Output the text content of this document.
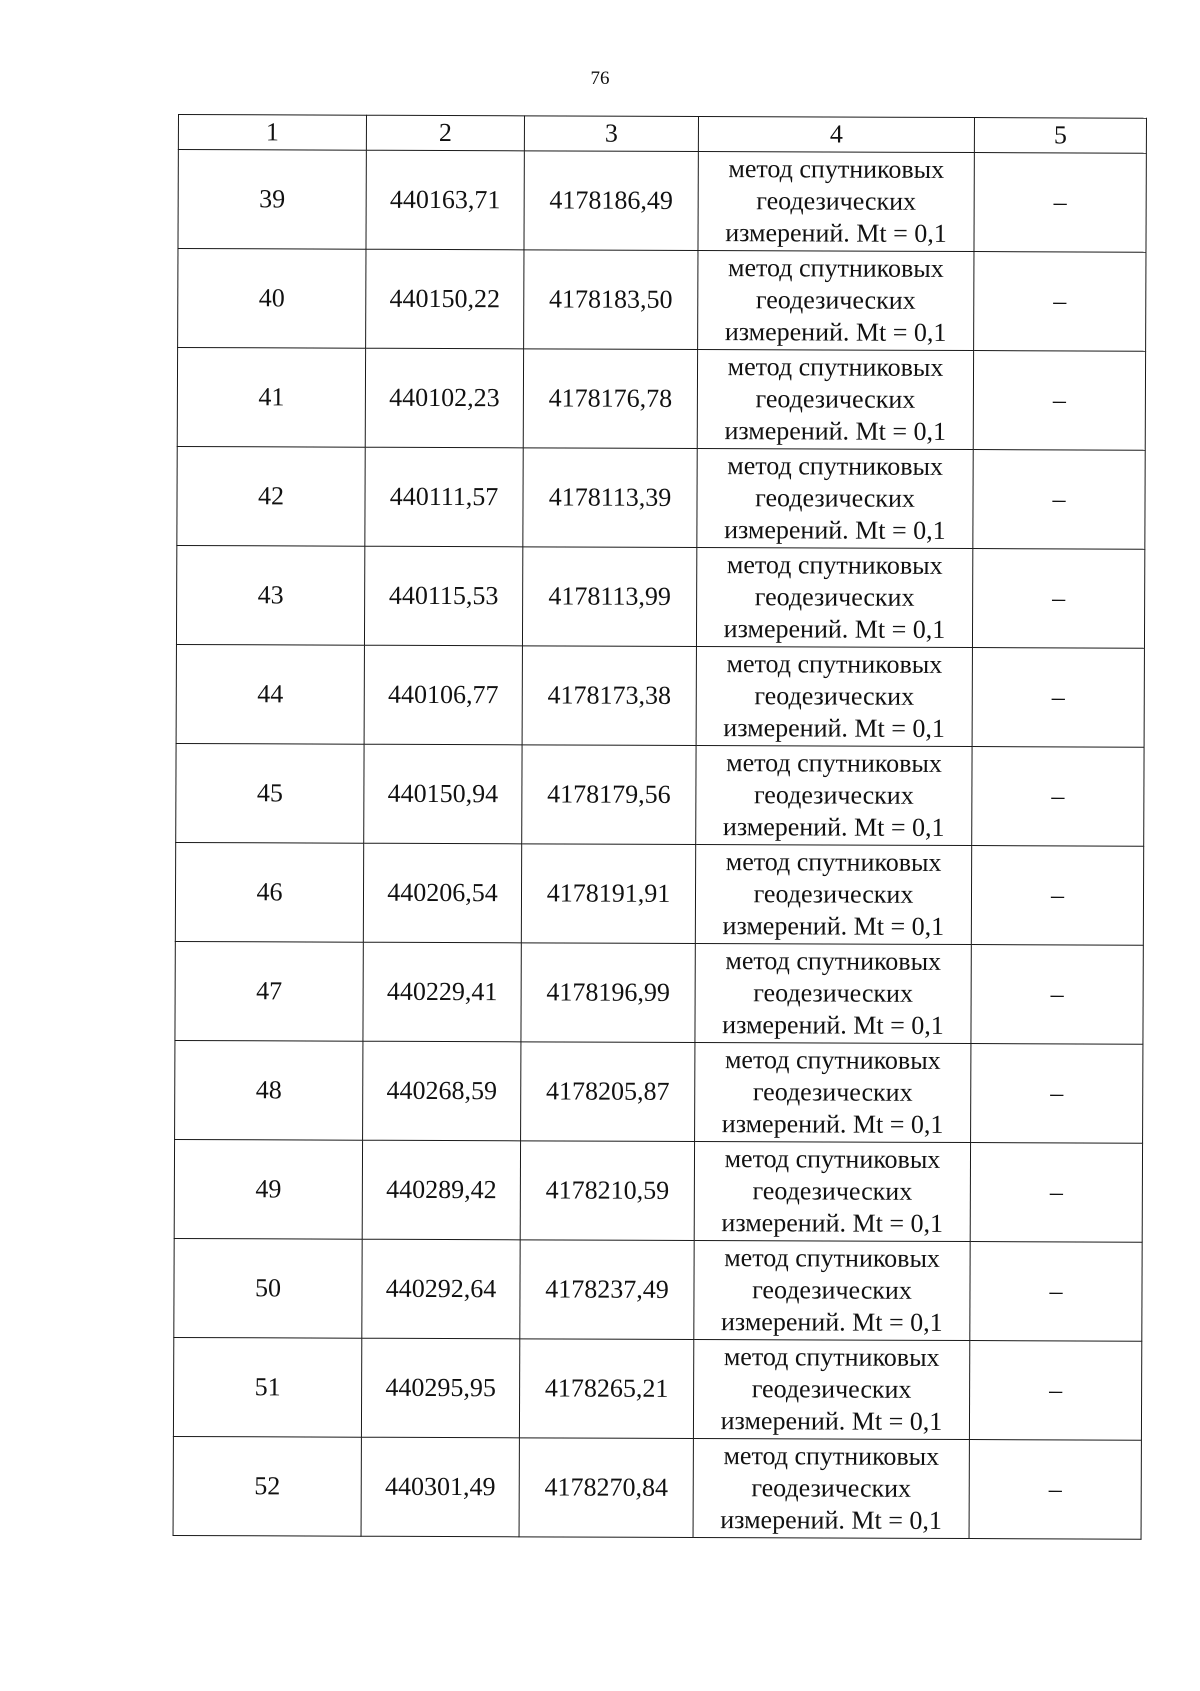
76
1	2	3	4	5
39	440163,71	4178186,49	метод спутниковых
геодезических
измерений. Mt = 0,1	–
40	440150,22	4178183,50	метод спутниковых
геодезических
измерений. Mt = 0,1	–
41	440102,23	4178176,78	метод спутниковых
геодезических
измерений. Mt = 0,1	–
42	440111,57	4178113,39	метод спутниковых
геодезических
измерений. Mt = 0,1	–
43	440115,53	4178113,99	метод спутниковых
геодезических
измерений. Mt = 0,1	–
44	440106,77	4178173,38	метод спутниковых
геодезических
измерений. Mt = 0,1	–
45	440150,94	4178179,56	метод спутниковых
геодезических
измерений. Mt = 0,1	–
46	440206,54	4178191,91	метод спутниковых
геодезических
измерений. Mt = 0,1	–
47	440229,41	4178196,99	метод спутниковых
геодезических
измерений. Mt = 0,1	–
48	440268,59	4178205,87	метод спутниковых
геодезических
измерений. Mt = 0,1	–
49	440289,42	4178210,59	метод спутниковых
геодезических
измерений. Mt = 0,1	–
50	440292,64	4178237,49	метод спутниковых
геодезических
измерений. Mt = 0,1	–
51	440295,95	4178265,21	метод спутниковых
геодезических
измерений. Mt = 0,1	–
52	440301,49	4178270,84	метод спутниковых
геодезических
измерений. Mt = 0,1	–
